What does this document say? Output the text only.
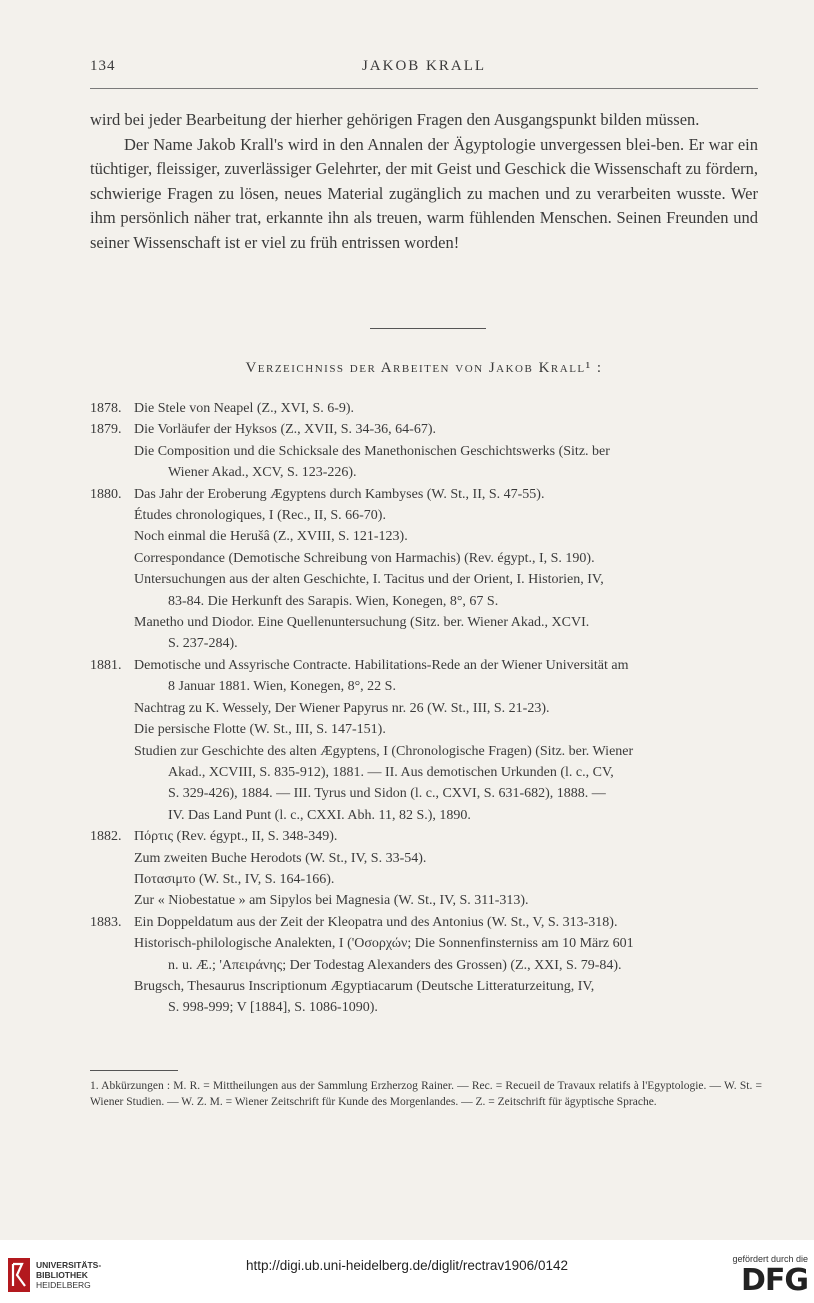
134	JAKOB KRALL

wird bei jeder Bearbeitung der hierher gehörigen Fragen den Ausgangspunkt bilden müssen.

Der Name Jakob Krall's wird in den Annalen der Ägyptologie unvergessen blei-ben. Er war ein tüchtiger, fleissiger, zuverlässiger Gelehrter, der mit Geist und Geschick die Wissenschaft zu fördern, schwierige Fragen zu lösen, neues Material zugänglich zu machen und zu verarbeiten wusste. Wer ihm persönlich näher trat, erkannte ihn als treuen, warm fühlenden Menschen. Seinen Freunden und seiner Wissenschaft ist er viel zu früh entrissen worden!

Verzeichniss der Arbeiten von Jakob Krall¹ :
1878. Die Stele von Neapel (Z., XVI, S. 6-9).
1879. Die Vorläufer der Hyksos (Z., XVII, S. 34-36, 64-67).
Die Composition und die Schicksale des Manethonischen Geschichtswerks (Sitz. ber
Wiener Akad., XCV, S. 123-226).
1880. Das Jahr der Eroberung Ægyptens durch Kambyses (W. St., II, S. 47-55).
Études chronologiques, I (Rec., II, S. 66-70).
Noch einmal die Herušâ (Z., XVIII, S. 121-123).
Correspondance (Demotische Schreibung von Harmachis) (Rev. égypt., I, S. 190).
Untersuchungen aus der alten Geschichte, I. Tacitus und der Orient, I. Historien, IV,
83-84. Die Herkunft des Sarapis. Wien, Konegen, 8°, 67 S.
Manetho und Diodor. Eine Quellenuntersuchung (Sitz. ber. Wiener Akad., XCVI.
S. 237-284).
1881. Demotische und Assyrische Contracte. Habilitations-Rede an der Wiener Universität am
8 Januar 1881. Wien, Konegen, 8°, 22 S.
Nachtrag zu K. Wessely, Der Wiener Papyrus nr. 26 (W. St., III, S. 21-23).
Die persische Flotte (W. St., III, S. 147-151).
Studien zur Geschichte des alten Ægyptens, I (Chronologische Fragen) (Sitz. ber. Wiener
Akad., XCVIII, S. 835-912), 1881. — II. Aus demotischen Urkunden (l. c., CV,
S. 329-426), 1884. — III. Tyrus und Sidon (l. c., CXVI, S. 631-682), 1888. —
IV. Das Land Punt (l. c., CXXI. Abh. 11, 82 S.), 1890.
1882. Πόρτις (Rev. égypt., II, S. 348-349).
Zum zweiten Buche Herodots (W. St., IV, S. 33-54).
Ποτασιμτο (W. St., IV, S. 164-166).
Zur « Niobestatue » am Sipylos bei Magnesia (W. St., IV, S. 311-313).
1883. Ein Doppeldatum aus der Zeit der Kleopatra und des Antonius (W. St., V, S. 313-318).
Historisch-philologische Analekten, I ('Οσορχών; Die Sonnenfinsterniss am 10 März 601
n. u. Æ.; 'Απειράνης; Der Todestag Alexanders des Grossen) (Z., XXI, S. 79-84).
Brugsch, Thesaurus Inscriptionum Ægyptiacarum (Deutsche Litteraturzeitung, IV,
S. 998-999; V [1884], S. 1086-1090).
1. Abkürzungen : M. R. = Mittheilungen aus der Sammlung Erzherzog Rainer. — Rec. = Recueil de Travaux relatifs à l'Egyptologie. — W. St. = Wiener Studien. — W. Z. M. = Wiener Zeitschrift für Kunde des Morgenlandes. — Z. = Zeitschrift für ägyptische Sprache.
UNIVERSITÄTS-
BIBLIOTHEK
HEIDELBERG
http://digi.ub.uni-heidelberg.de/diglit/rectrav1906/0142	gefördert durch die
DFG
